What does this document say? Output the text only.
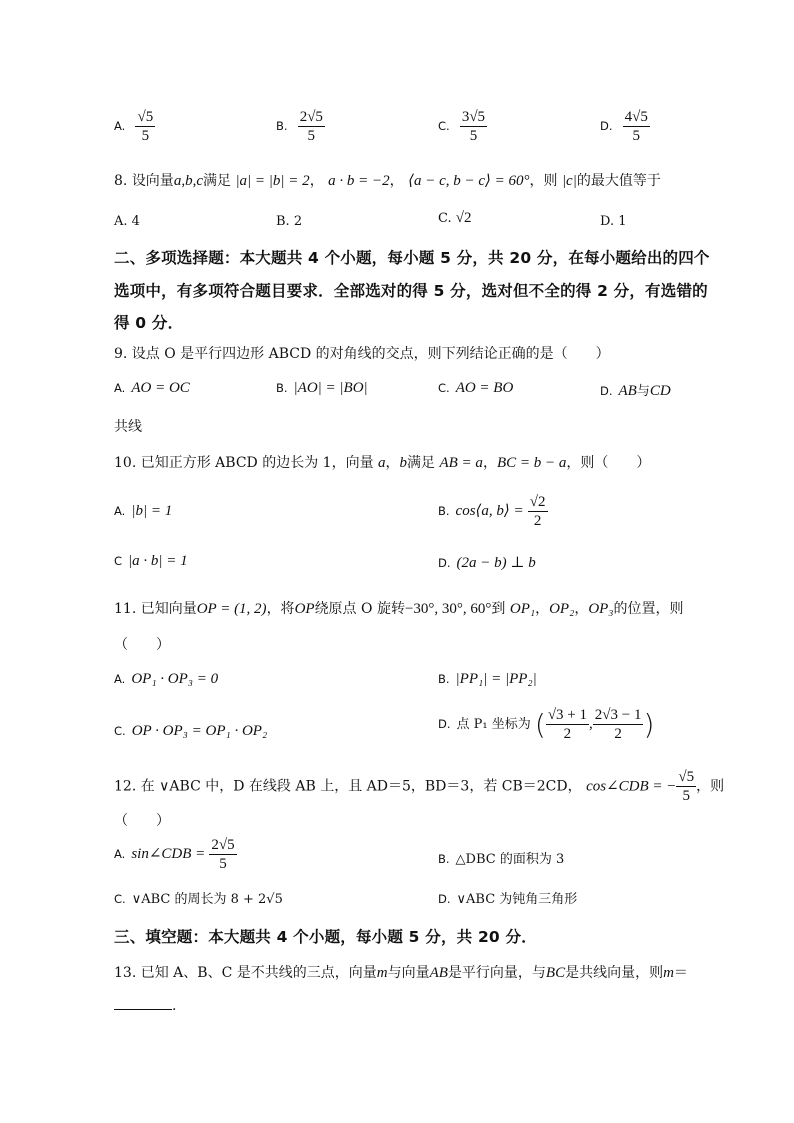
A. $\frac{√5}{5}$	B. $\frac{2√5}{5}$	C. $\frac{3√5}{5}$	D. $\frac{4√5}{5}$
8. 设向量a,b,c满足 |a| = |b| = 2， a · b = −2， ⟨a − c, b − c⟩ = 60°，则 |c|的最大值等于
A. 4	B. 2	C. √2	D. 1
二、多项选择题：本大题共 4 个小题，每小题 5 分，共 20 分，在每小题给出的四个
选项中，有多项符合题目要求．全部选对的得 5 分，选对但不全的得 2 分，有选错的
得 0 分．
9. 设点 O 是平行四边形 ABCD 的对角线的交点，则下列结论正确的是（　　）
A. AO = OC	B. |AO| = |BO|	C. AO = BO	D. AB与CD
共线
10. 已知正方形 ABCD 的边长为 1，向量 a，b满足 AB = a，BC = b − a，则（　　）
A. |b| = 1	B. cos⟨a, b⟩ = $\frac{√2}{2}$
C |a · b| = 1	D. (2a − b) ⊥ b
11. 已知向量OP = (1, 2)，将OP绕原点 O 旋转−30°, 30°, 60°到 OP₁，OP₂，OP₃的位置，则
（　　）
A. OP₁ · OP₃ = 0	B. |PP₁| = |PP₂|
C. OP · OP₃ = OP₁ · OP₂	D. 点 P₁ 坐标为 ( $\frac{√3 + 1}{2}$ , $\frac{2√3 - 1}{2}$ )
12. 在 ∨ABC 中，D 在线段 AB 上，且 AD＝5，BD＝3，若 CB＝2CD， cos∠CDB = − $\frac{√5}{5}$ ，则
（　　）
A. sin∠CDB = $\frac{2√5}{5}$	B. △DBC 的面积为 3
C. ∨ABC 的周长为 8 + 2√5	D. ∨ABC 为钝角三角形
三、填空题：本大题共 4 个小题，每小题 5 分，共 20 分．
13. 已知 A、B、C 是不共线的三点，向量m与向量AB是平行向量，与BC是共线向量，则m＝
.
